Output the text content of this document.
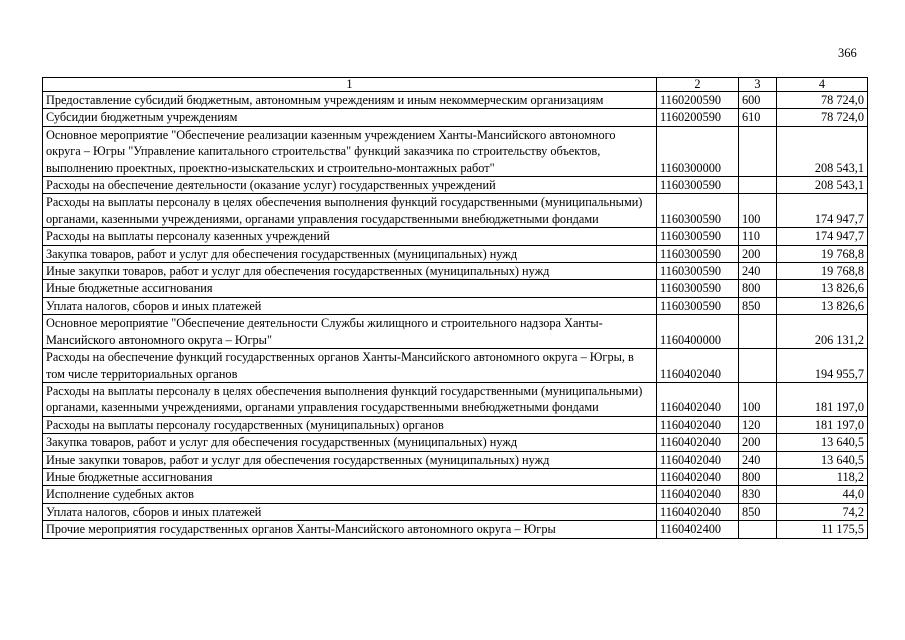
366
1	2	3	4
Предоставление субсидий бюджетным, автономным учреждениям и иным некоммерческим организациям	1160200590	600	78 724,0
Субсидии бюджетным учреждениям	1160200590	610	78 724,0
Основное мероприятие "Обеспечение реализации казенным учреждением Ханты-Мансийского автономного округа – Югры "Управление капитального строительства" функций заказчика по строительству объектов, выполнению проектных, проектно-изыскательских и строительно-монтажных работ"	1160300000		208 543,1
Расходы на обеспечение деятельности (оказание услуг) государственных учреждений	1160300590		208 543,1
Расходы на выплаты персоналу в целях обеспечения выполнения функций государственными (муниципальными) органами, казенными учреждениями, органами управления государственными внебюджетными фондами	1160300590	100	174 947,7
Расходы на выплаты персоналу казенных учреждений	1160300590	110	174 947,7
Закупка товаров, работ и услуг для обеспечения государственных (муниципальных) нужд	1160300590	200	19 768,8
Иные закупки товаров, работ и услуг для обеспечения государственных (муниципальных) нужд	1160300590	240	19 768,8
Иные бюджетные ассигнования	1160300590	800	13 826,6
Уплата налогов, сборов и иных платежей	1160300590	850	13 826,6
Основное мероприятие "Обеспечение деятельности Службы жилищного и строительного надзора Ханты-Мансийского автономного округа – Югры"	1160400000		206 131,2
Расходы на обеспечение функций государственных органов Ханты-Мансийского автономного округа – Югры, в том числе территориальных органов	1160402040		194 955,7
Расходы на выплаты персоналу в целях обеспечения выполнения функций государственными (муниципальными) органами, казенными учреждениями, органами управления государственными внебюджетными фондами	1160402040	100	181 197,0
Расходы на выплаты персоналу государственных (муниципальных) органов	1160402040	120	181 197,0
Закупка товаров, работ и услуг для обеспечения государственных (муниципальных) нужд	1160402040	200	13 640,5
Иные закупки товаров, работ и услуг для обеспечения государственных (муниципальных) нужд	1160402040	240	13 640,5
Иные бюджетные ассигнования	1160402040	800	118,2
Исполнение судебных актов	1160402040	830	44,0
Уплата налогов, сборов и иных платежей	1160402040	850	74,2
Прочие мероприятия государственных органов Ханты-Мансийского автономного округа – Югры	1160402400		11 175,5
